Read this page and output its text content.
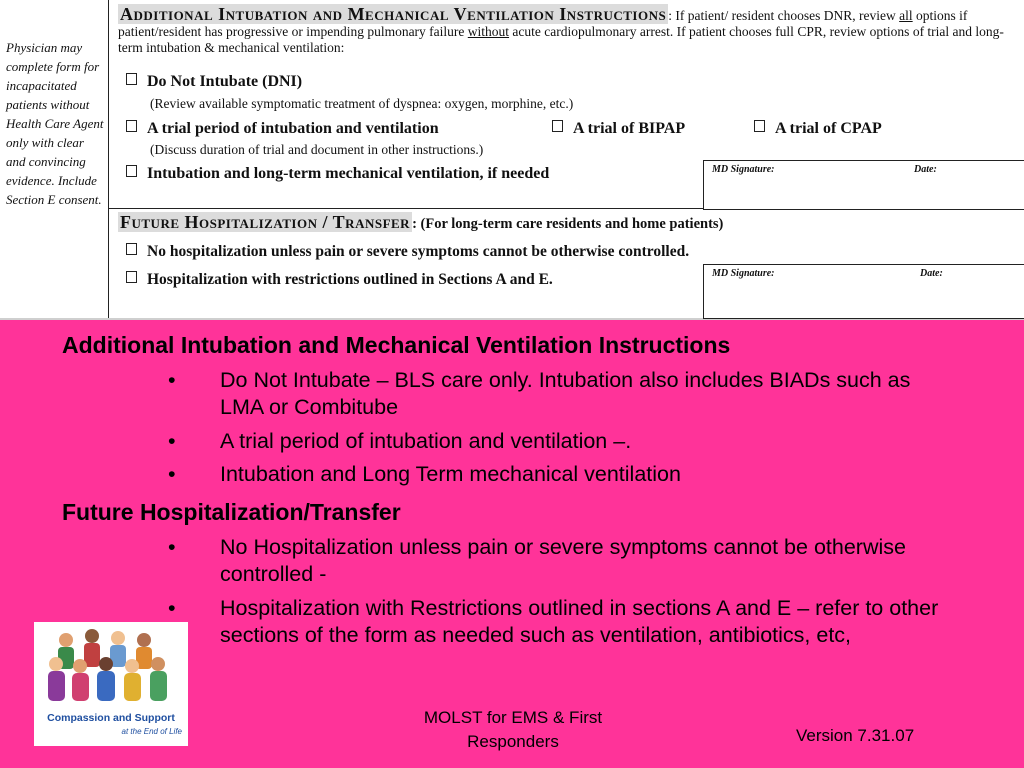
Physician may complete form for incapacitated patients without Health Care Agent only with clear and convincing evidence. Include Section E consent.
Additional Intubation and Mechanical Ventilation Instructions : If patient/ resident chooses DNR, review all options if patient/resident has progressive or impending pulmonary failure without acute cardiopulmonary arrest. If patient chooses full CPR, review options of trial and long-term intubation & mechanical ventilation:
Do Not Intubate (DNI)
(Review available symptomatic treatment of dyspnea: oxygen, morphine, etc.)
A trial period of intubation and ventilation	A trial of BIPAP	A trial of CPAP
(Discuss duration of trial and document in other instructions.)
Intubation and long-term mechanical ventilation, if needed	MD Signature:	Date:
Future Hospitalization / Transfer : (For long-term care residents and home patients)
No hospitalization unless pain or severe symptoms cannot be otherwise controlled.
Hospitalization with restrictions outlined in Sections A and E.	MD Signature:	Date:
Additional Intubation and Mechanical Ventilation Instructions
• Do Not Intubate – BLS care only. Intubation also includes BIADs such as LMA or Combitube
• A trial period of intubation and ventilation –.
• Intubation and Long Term mechanical ventilation
Future Hospitalization/Transfer
• No Hospitalization unless pain or severe symptoms cannot be otherwise controlled -
• Hospitalization with Restrictions outlined in sections A and E – refer to other sections of the form as needed such as ventilation, antibiotics, etc,
Compassion and Support
at the End of Life
MOLST for EMS & First Responders	Version 7.31.07
